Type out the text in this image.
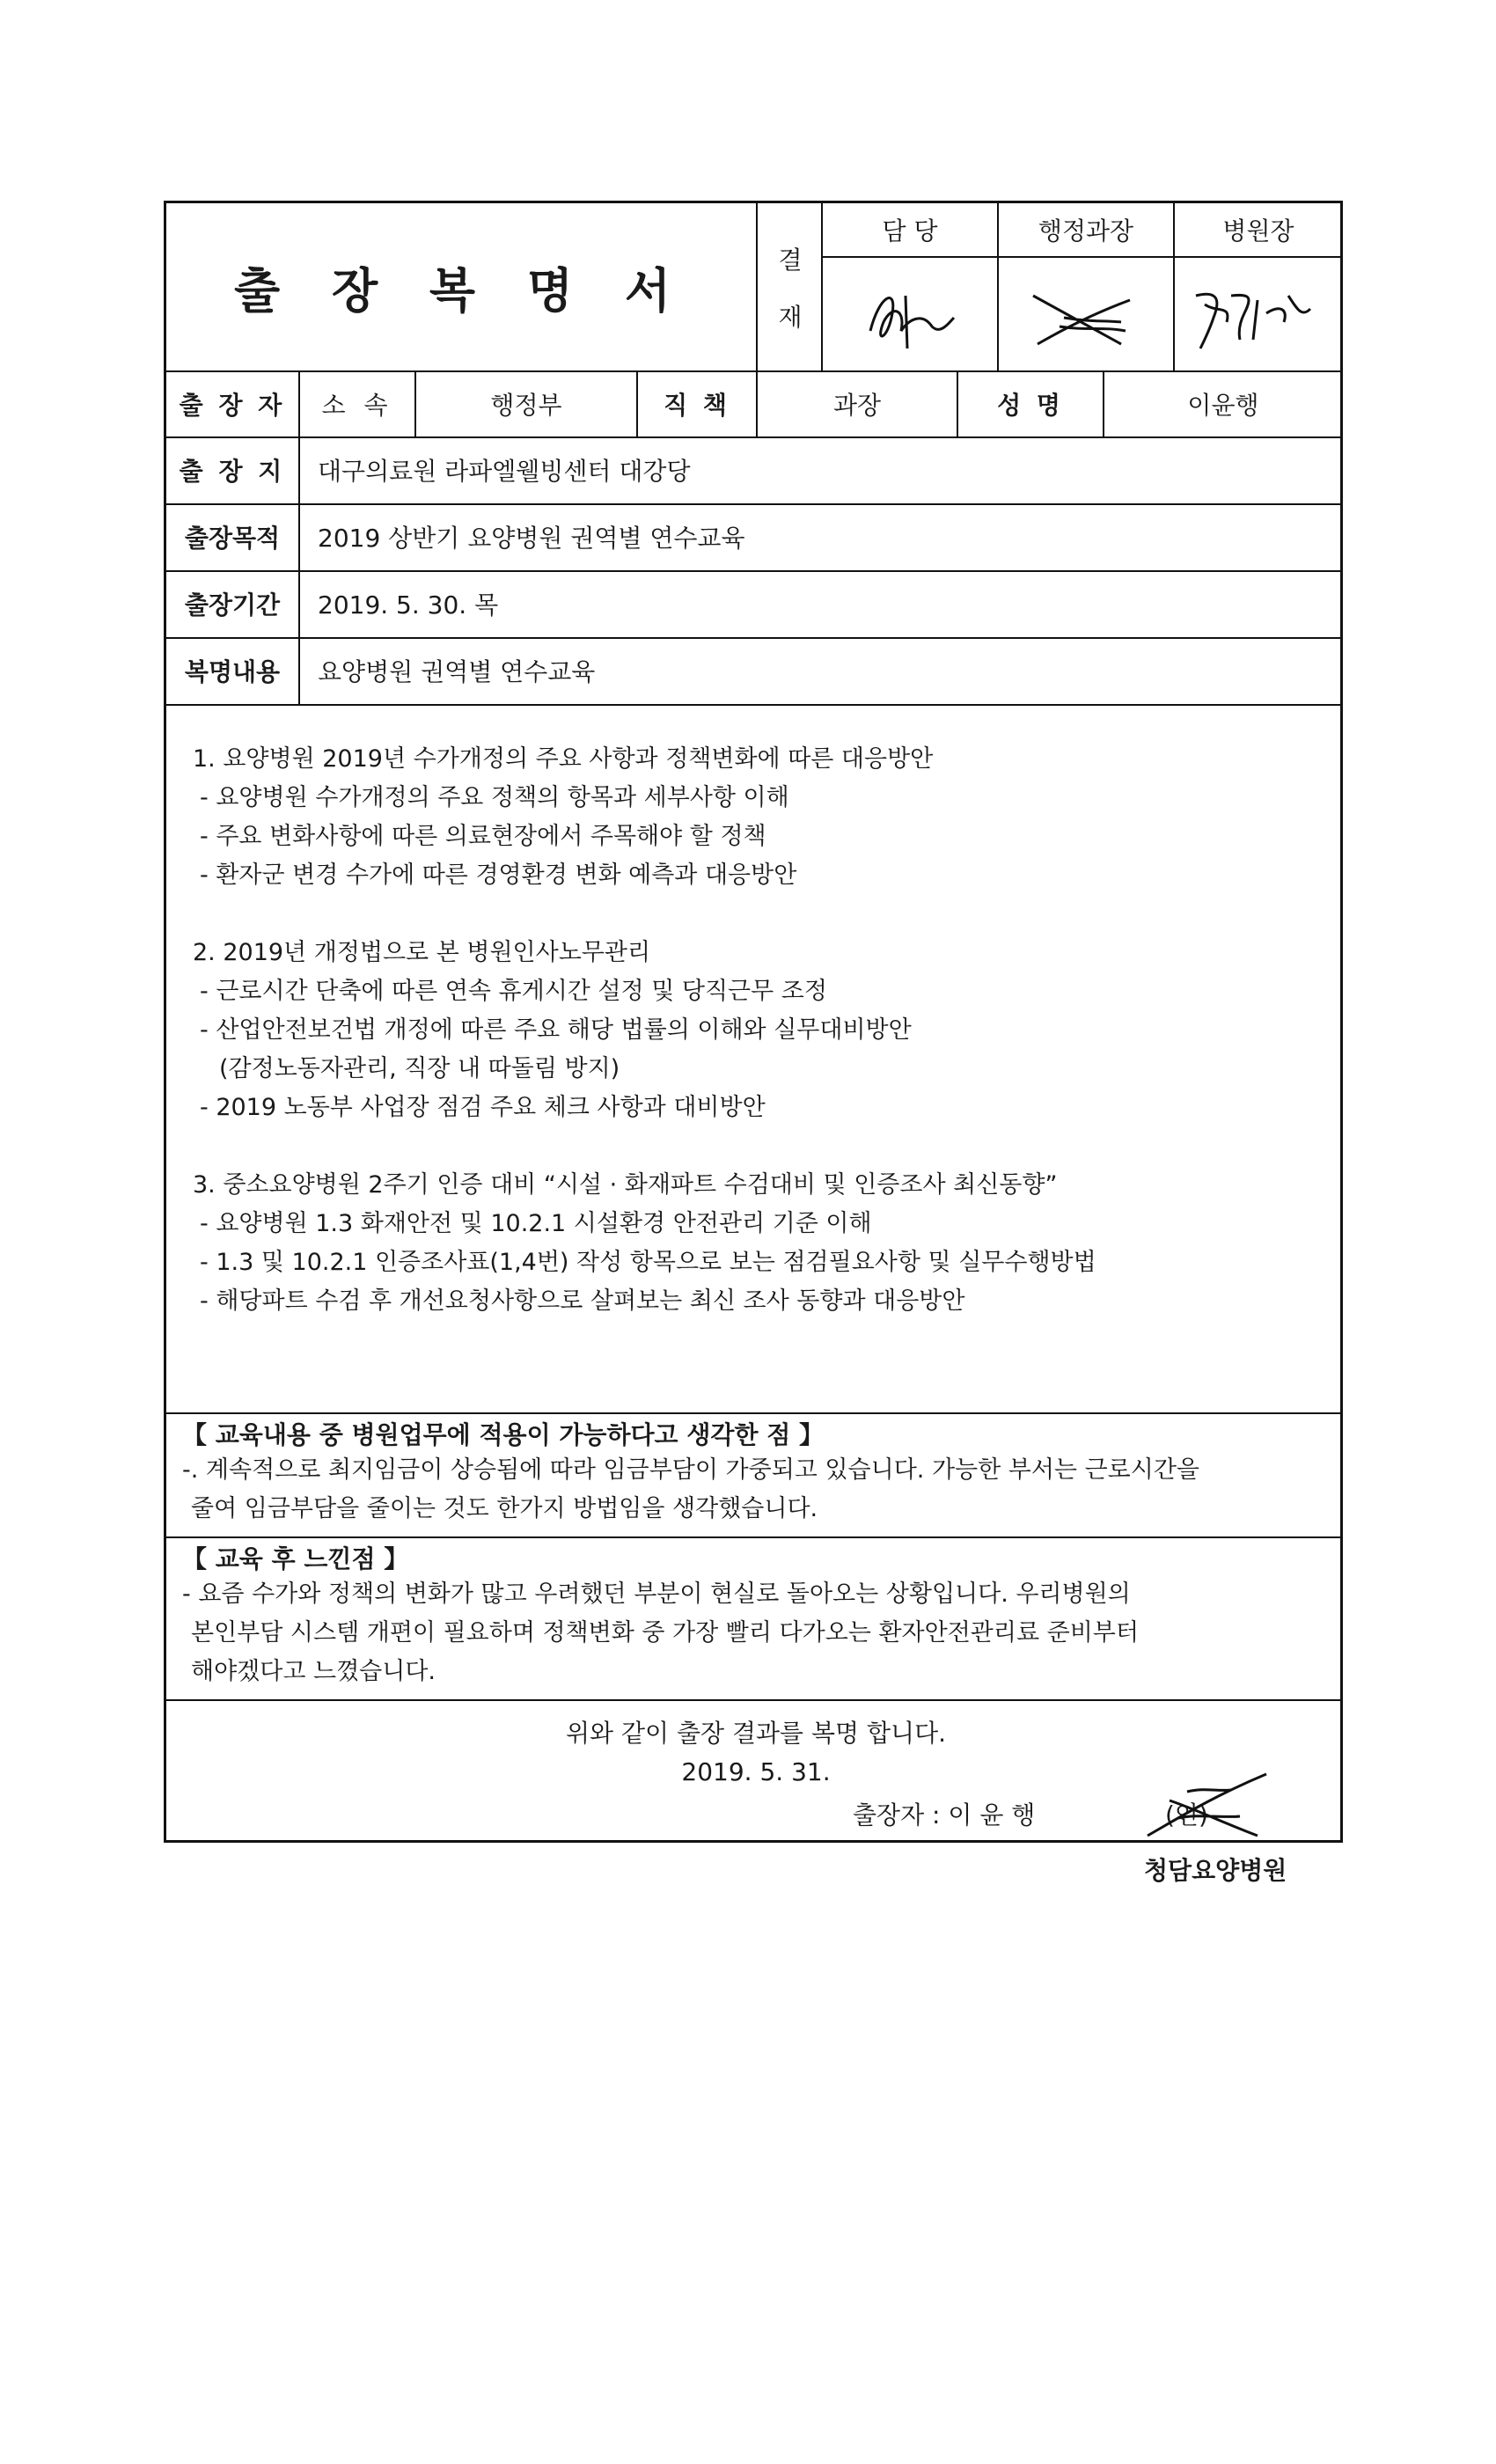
출 장 복 명 서
결
재
담 당	행정과장	병원장
출 장 자	소 속	행정부	직 책	과장	성 명	이윤행
출 장 지	대구의료원 라파엘웰빙센터 대강당
출장목적	2019 상반기 요양병원 권역별 연수교육
출장기간	2019. 5. 30. 목
복명내용	요양병원 권역별 연수교육
1. 요양병원 2019년 수가개정의 주요 사항과 정책변화에 따른 대응방안
- 요양병원 수가개정의 주요 정책의 항목과 세부사항 이해
- 주요 변화사항에 따른 의료현장에서 주목해야 할 정책
- 환자군 변경 수가에 따른 경영환경 변화 예측과 대응방안
2. 2019년 개정법으로 본 병원인사노무관리
- 근로시간 단축에 따른 연속 휴게시간 설정 및 당직근무 조정
- 산업안전보건법 개정에 따른 주요 해당 법률의 이해와 실무대비방안
(감정노동자관리, 직장 내 따돌림 방지)
- 2019 노동부 사업장 점검 주요 체크 사항과 대비방안
3. 중소요양병원 2주기 인증 대비 “시설 · 화재파트 수검대비 및 인증조사 최신동향”
- 요양병원 1.3 화재안전 및 10.2.1 시설환경 안전관리 기준 이해
- 1.3 및 10.2.1 인증조사표(1,4번) 작성 항목으로 보는 점검필요사항 및 실무수행방법
- 해당파트 수검 후 개선요청사항으로 살펴보는 최신 조사 동향과 대응방안
【 교육내용 중 병원업무에 적용이 가능하다고 생각한 점 】
-. 계속적으로 최지임금이 상승됨에 따라 임금부담이 가중되고 있습니다. 가능한 부서는 근로시간을
줄여 임금부담을 줄이는 것도 한가지 방법임을 생각했습니다.
【 교육 후 느낀점 】
- 요즘 수가와 정책의 변화가 많고 우려했던 부분이 현실로 돌아오는 상황입니다. 우리병원의
본인부담 시스템 개편이 필요하며 정책변화 중 가장 빨리 다가오는 환자안전관리료 준비부터
해야겠다고 느꼈습니다.
위와 같이 출장 결과를 복명 합니다.
2019. 5. 31.
출장자 : 이 윤 행	(인)
청담요양병원
